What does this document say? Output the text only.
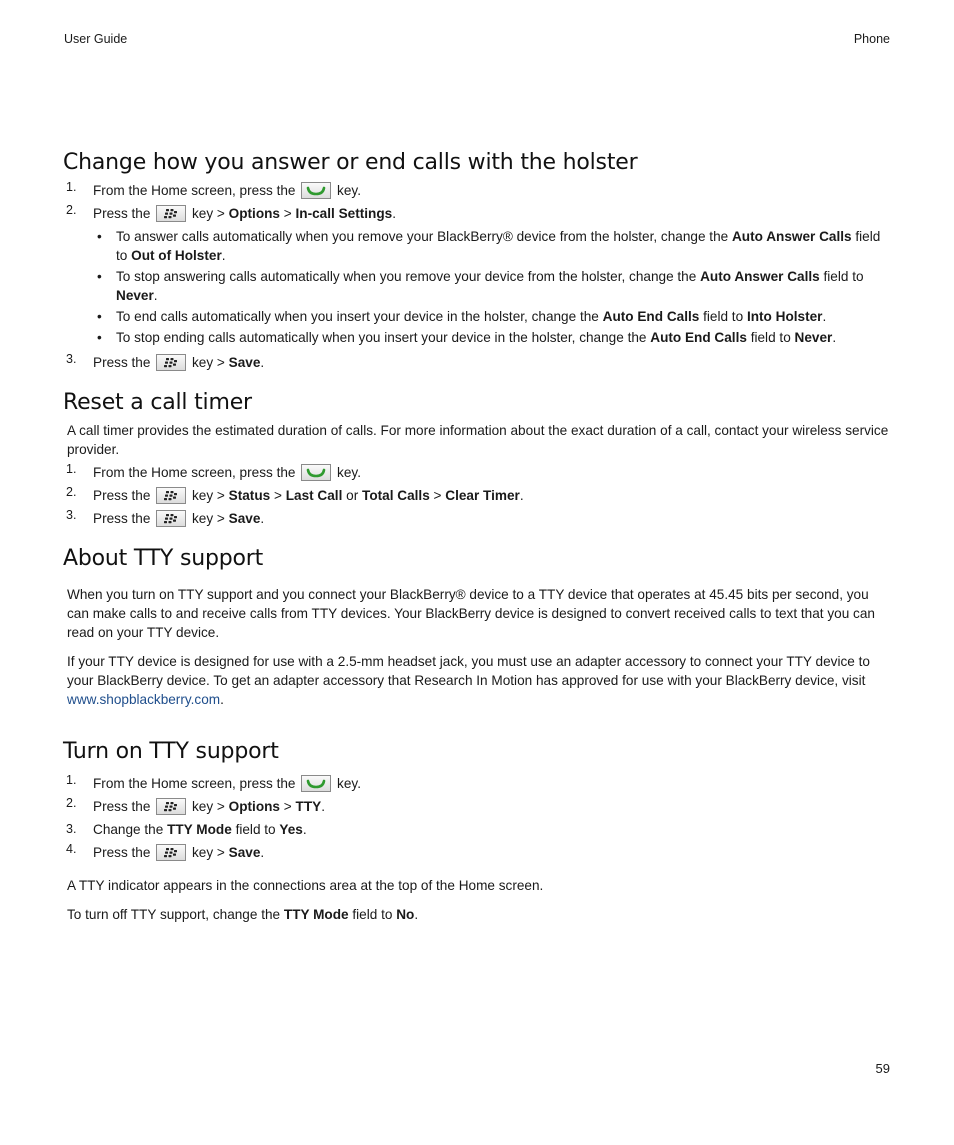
User Guide	Phone
Change how you answer or end calls with the holster
1. From the Home screen, press the	key.
2. Press the	key > Options > In-call Settings.
• To answer calls automatically when you remove your BlackBerry® device from the holster, change the Auto Answer Calls field to Out of Holster.
• To stop answering calls automatically when you remove your device from the holster, change the Auto Answer Calls field to Never.
• To end calls automatically when you insert your device in the holster, change the Auto End Calls field to Into Holster.
• To stop ending calls automatically when you insert your device in the holster, change the Auto End Calls field to Never.
3. Press the	key > Save.
Reset a call timer

A call timer provides the estimated duration of calls. For more information about the exact duration of a call, contact your wireless service provider.

1. From the Home screen, press the	key.
2. Press the	key > Status > Last Call or Total Calls > Clear Timer.
3. Press the	key > Save.
About TTY support

When you turn on TTY support and you connect your BlackBerry® device to a TTY device that operates at 45.45 bits per second, you can make calls to and receive calls from TTY devices. Your BlackBerry device is designed to convert received calls to text that you can read on your TTY device.

If your TTY device is designed for use with a 2.5-mm headset jack, you must use an adapter accessory to connect your TTY device to your BlackBerry device. To get an adapter accessory that Research In Motion has approved for use with your BlackBerry device, visit www.shopblackberry.com.

Turn on TTY support
1. From the Home screen, press the	key.
2. Press the	key > Options > TTY.
3. Change the TTY Mode field to Yes.
4. Press the	key > Save.

A TTY indicator appears in the connections area at the top of the Home screen.

To turn off TTY support, change the TTY Mode field to No.

59
